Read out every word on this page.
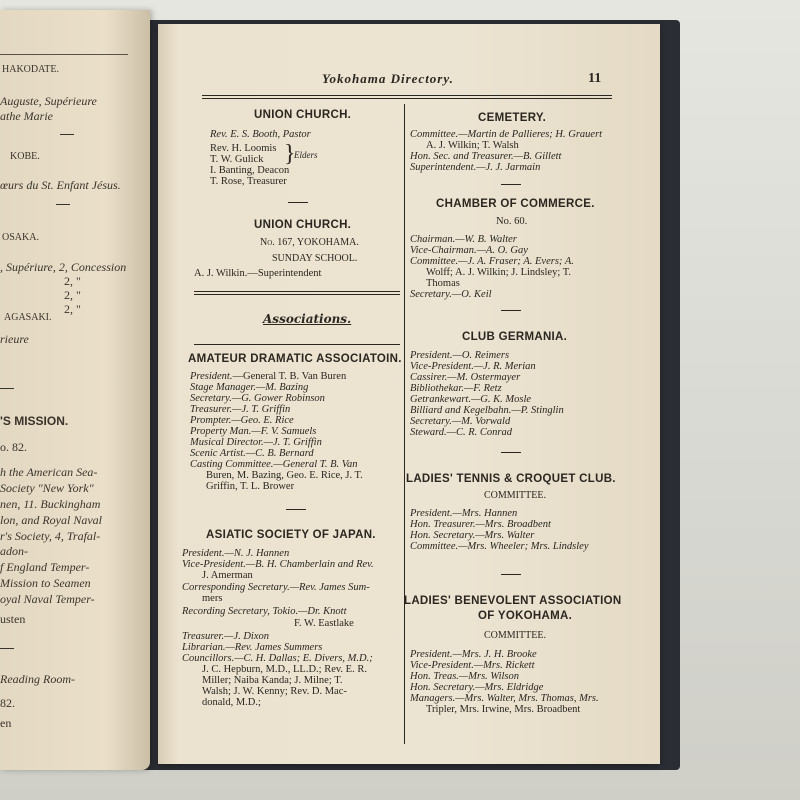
HAKODATE.
Auguste, Supérieure
athe Marie
KOBE.
œurs du St. Enfant Jésus.
OSAKA.
, Supériure, 2, Concession
2, "
2, "
2, "
AGASAKI.
rieure
'S MISSION.
o. 82.
h the American Sea-
Society "New York"
nen, 11. Buckingham
lon, and Royal Naval
r's Society, 4, Trafal-
adon-
f England Temper-
Mission to Seamen
oyal Naval Temper-
usten
Reading Room-
82.
en
Yokohama Directory.	11
UNION CHURCH.
Rev. E. S. Booth, Pastor
Rev. H. Loomis
T. W. Gulick }
Elders
I. Banting, Deacon
T. Rose, Treasurer
UNION CHURCH.
No. 167, YOKOHAMA.
SUNDAY SCHOOL.
A. J. Wilkin.—Superintendent
Associations.
AMATEUR DRAMATIC ASSOCIATOIN.
President.—General T. B. Van Buren
Stage Manager.—M. Bazing
Secretary.—G. Gower Robinson
Treasurer.—J. T. Griffin
Prompter.—Geo. E. Rice
Property Man.—F. V. Samuels
Musical Director.—J. T. Griffin
Scenic Artist.—C. B. Bernard
Casting Committee.—General T. B. Van
Buren, M. Bazing, Geo. E. Rice, J. T.
Griffin, T. L. Brower
ASIATIC SOCIETY OF JAPAN.
President.—N. J. Hannen
Vice-President.—B. H. Chamberlain and Rev.
J. Amerman
Corresponding Secretary.—Rev. James Sum-
mers
Recording Secretary, Tokio.—Dr. Knott
F. W. Eastlake
Treasurer.—J. Dixon
Librarian.—Rev. James Summers
Councillors.—C. H. Dallas; E. Divers, M.D.;
J. C. Hepburn, M.D., LL.D.; Rev. E. R.
Miller; Naiba Kanda; J. Milne; T.
Walsh; J. W. Kenny; Rev. D. Mac-
donald, M.D.;
CEMETERY.
Committee.—Martin de Pallieres; H. Grauert
A. J. Wilkin; T. Walsh
Hon. Sec. and Treasurer.—B. Gillett
Superintendent.—J. J. Jarmain
CHAMBER OF COMMERCE.
No. 60.
Chairman.—W. B. Walter
Vice-Chairman.—A. O. Gay
Committee.—J. A. Fraser; A. Evers; A.
Wolff; A. J. Wilkin; J. Lindsley; T.
Thomas
Secretary.—O. Keil
CLUB GERMANIA.
President.—O. Reimers
Vice-President.—J. R. Merian
Cassirer.—M. Ostermayer
Bibliothekar.—F. Retz
Getrankewart.—G. K. Mosle
Billiard and Kegelbahn.—P. Stinglin
Secretary.—M. Vorwald
Steward.—C. R. Conrad
LADIES' TENNIS & CROQUET CLUB.
COMMITTEE.
President.—Mrs. Hannen
Hon. Treasurer.—Mrs. Broadbent
Hon. Secretary.—Mrs. Walter
Committee.—Mrs. Wheeler; Mrs. Lindsley
LADIES' BENEVOLENT ASSOCIATION
OF YOKOHAMA.
COMMITTEE.
President.—Mrs. J. H. Brooke
Vice-President.—Mrs. Rickett
Hon. Treas.—Mrs. Wilson
Hon. Secretary.—Mrs. Eldridge
Managers.—Mrs. Walter, Mrs. Thomas, Mrs.
Tripler, Mrs. Irwine, Mrs. Broadbent
